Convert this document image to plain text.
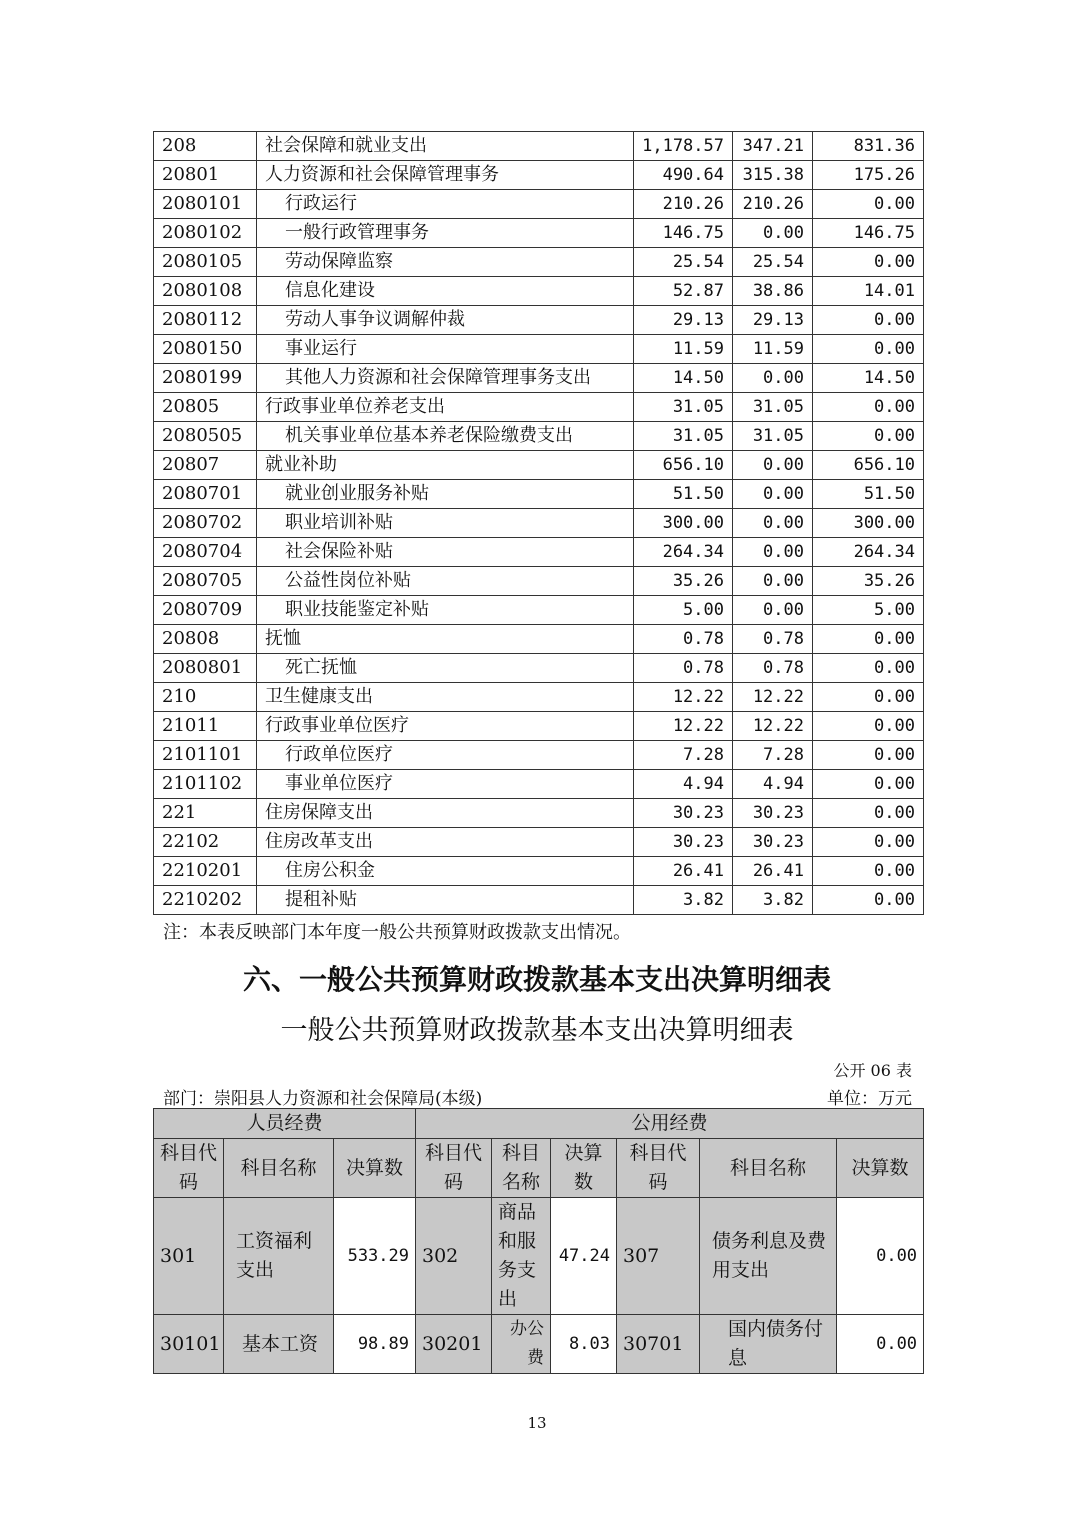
208	社会保障和就业支出	1,178.57	347.21	831.36
20801	人力资源和社会保障管理事务	490.64	315.38	175.26
2080101	行政运行	210.26	210.26	0.00
2080102	一般行政管理事务	146.75	0.00	146.75
2080105	劳动保障监察	25.54	25.54	0.00
2080108	信息化建设	52.87	38.86	14.01
2080112	劳动人事争议调解仲裁	29.13	29.13	0.00
2080150	事业运行	11.59	11.59	0.00
2080199	其他人力资源和社会保障管理事务支出	14.50	0.00	14.50
20805	行政事业单位养老支出	31.05	31.05	0.00
2080505	机关事业单位基本养老保险缴费支出	31.05	31.05	0.00
20807	就业补助	656.10	0.00	656.10
2080701	就业创业服务补贴	51.50	0.00	51.50
2080702	职业培训补贴	300.00	0.00	300.00
2080704	社会保险补贴	264.34	0.00	264.34
2080705	公益性岗位补贴	35.26	0.00	35.26
2080709	职业技能鉴定补贴	5.00	0.00	5.00
20808	抚恤	0.78	0.78	0.00
2080801	死亡抚恤	0.78	0.78	0.00
210	卫生健康支出	12.22	12.22	0.00
21011	行政事业单位医疗	12.22	12.22	0.00
2101101	行政单位医疗	7.28	7.28	0.00
2101102	事业单位医疗	4.94	4.94	0.00
221	住房保障支出	30.23	30.23	0.00
22102	住房改革支出	30.23	30.23	0.00
2210201	住房公积金	26.41	26.41	0.00
2210202	提租补贴	3.82	3.82	0.00
注：本表反映部门本年度一般公共预算财政拨款支出情况。
六、一般公共预算财政拨款基本支出决算明细表
一般公共预算财政拨款基本支出决算明细表
公开 06 表
部门：崇阳县人力资源和社会保障局(本级)	单位：万元
人员经费			公用经费					
科目代码	科目名称	决算数	科目代码	科目名称	决算数	科目代码	科目名称	决算数
301	工资福利支出	533.29	302	商品和服务支出	47.24	307	债务利息及费用支出	0.00
30101	基本工资	98.89	30201	办公费	8.03	30701	国内债务付息	0.00
13
